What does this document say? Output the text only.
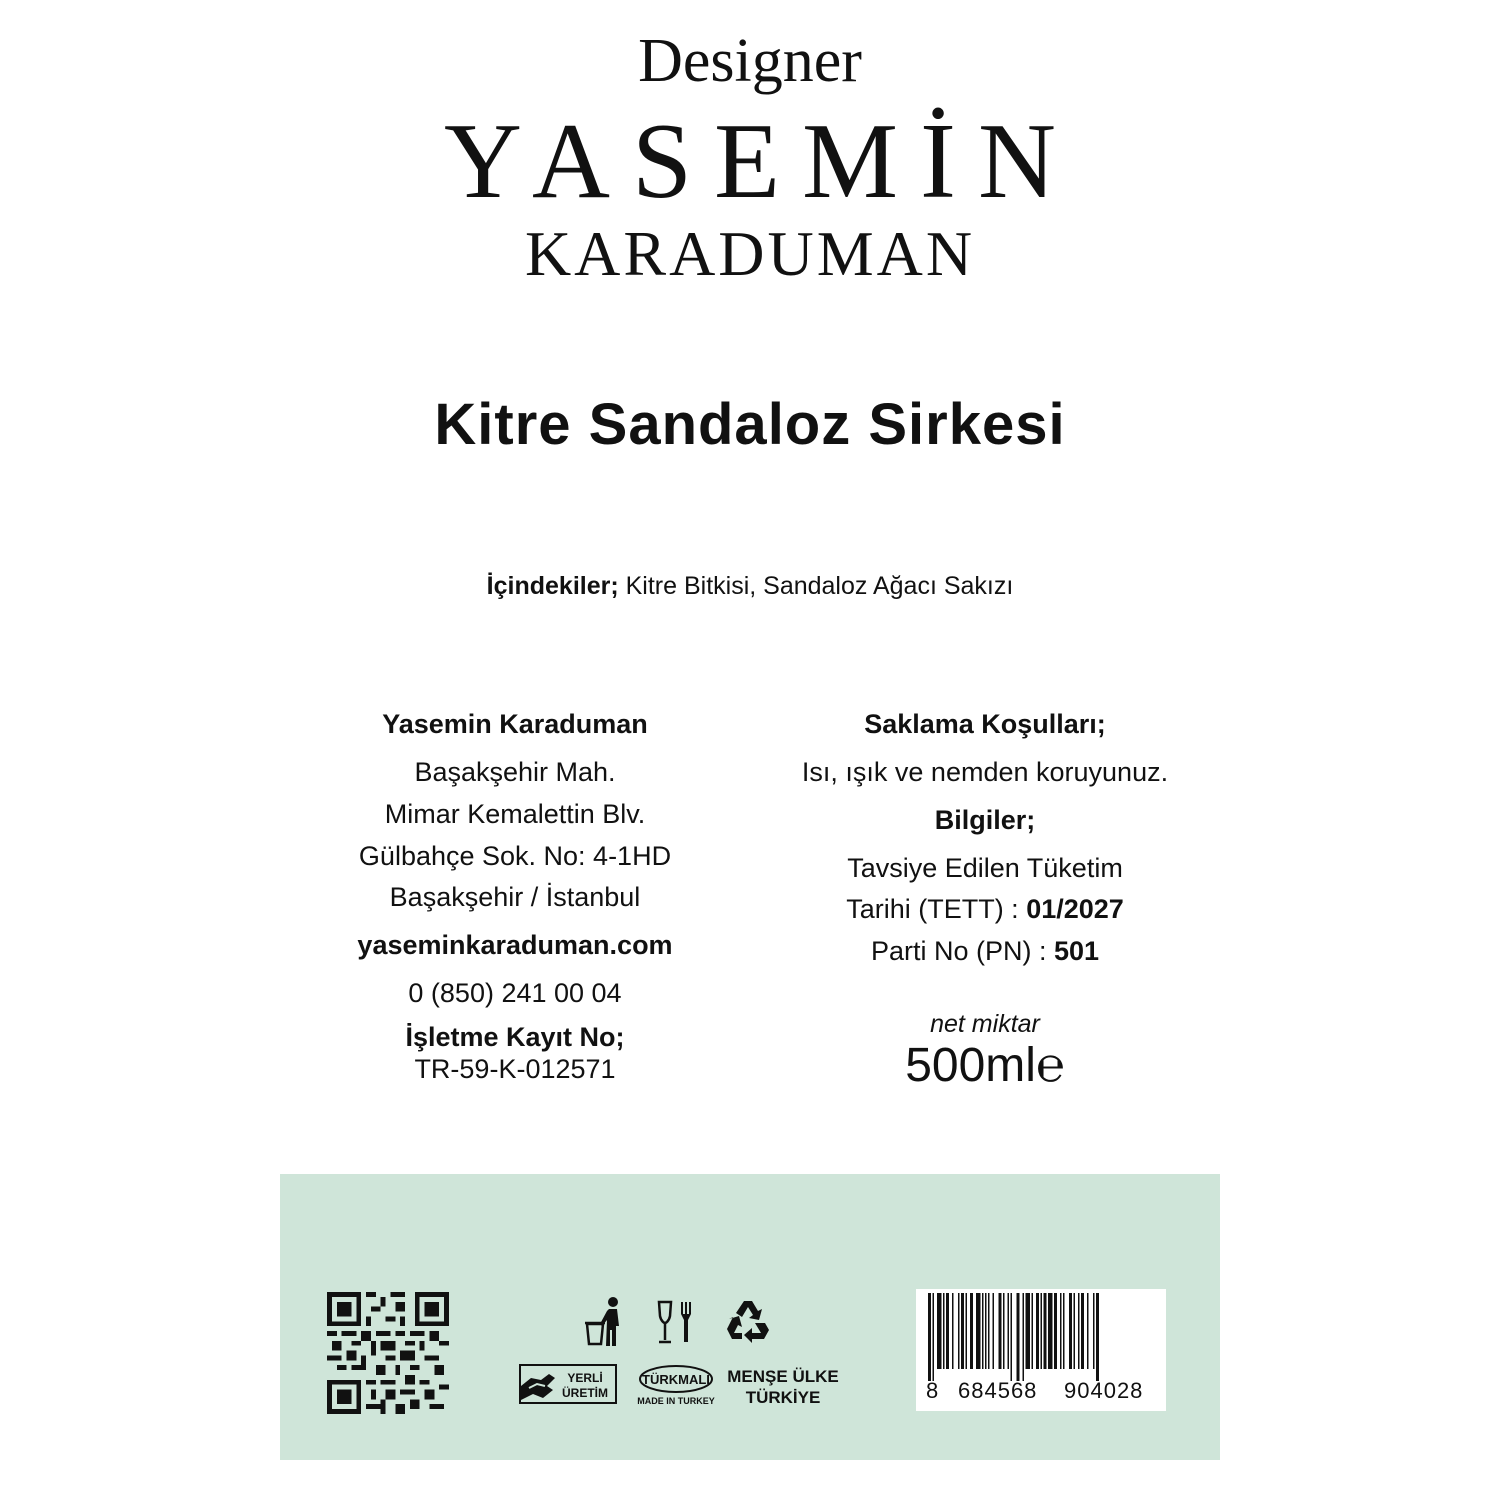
Designer
YASEMİN
KARADUMAN
Kitre Sandaloz Sirkesi
İçindekiler; Kitre Bitkisi, Sandaloz Ağacı Sakızı
Yasemin Karaduman
Başakşehir Mah.
Mimar Kemalettin Blv.
Gülbahçe Sok. No: 4-1HD
Başakşehir / İstanbul
yaseminkaraduman.com
0 (850) 241 00 04
İşletme Kayıt No;
TR-59-K-012571
Saklama Koşulları;
Isı, ışık ve nemden koruyunuz.
Bilgiler;
Tavsiye Edilen Tüketim
Tarihi (TETT) : 01/2027
Parti No (PN) : 501
net miktar
500ml℮
YERLİ
ÜRETİM
TÜRKMALI
MADE IN TURKEY
MENŞE ÜLKE
TÜRKİYE	8 684568 904028
